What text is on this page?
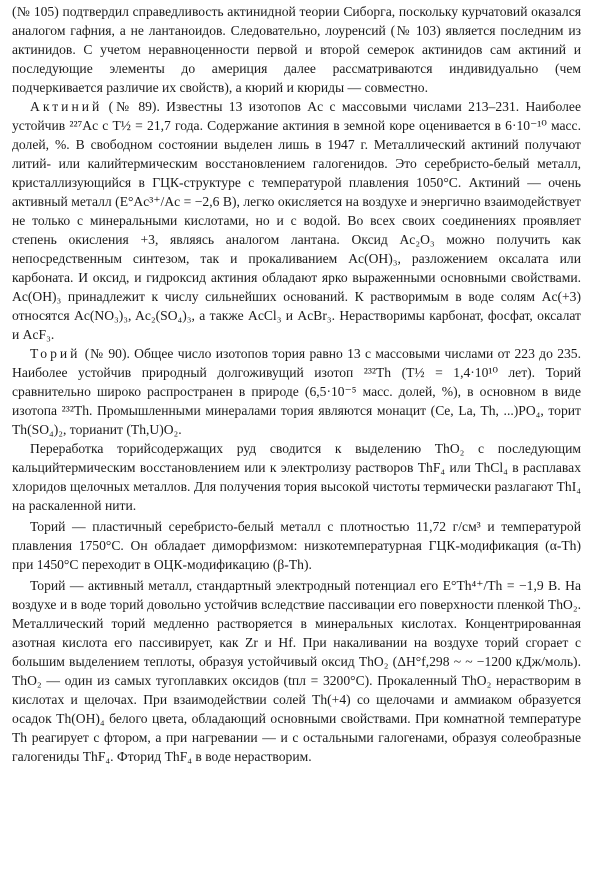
(№ 105) подтвердил справедливость актинидной теории Сиборга, поскольку курчатовий оказался аналогом гафния, а не лантаноидов. Следовательно, лоуренсий (№ 103) является последним из актинидов. С учетом неравноценности первой и второй семерок актинидов сам актиний и последующие элементы до америция далее рассматриваются индивидуально (чем подчеркивается различие их свойств), а кюрий и кюриды — совместно.

Актиний (№ 89). Известны 13 изотопов Ac с массовыми числами 213–231. Наиболее устойчив ²²⁷Ac с T½ = 21,7 года. Содержание актиния в земной коре оценивается в 6·10⁻¹⁰ масс. долей, %. В свободном состоянии выделен лишь в 1947 г. Металлический актиний получают литий- или калийтермическим восстановлением галогенидов. Это серебристо-белый металл, кристаллизующийся в ГЦК-структуре с температурой плавления 1050°C. Актиний — очень активный металл (E°Ac³⁺/Ac = −2,6 В), легко окисляется на воздухе и энергично взаимодействует не только с минеральными кислотами, но и с водой. Во всех своих соединениях проявляет степень окисления +3, являясь аналогом лантана. Оксид Ac₂O₃ можно получить как непосредственным синтезом, так и прокаливанием Ac(OH)₃, разложением оксалата или карбоната. И оксид, и гидроксид актиния обладают ярко выраженными основными свойствами. Ac(OH)₃ принадлежит к числу сильнейших оснований. К растворимым в воде солям Ac(+3) относятся Ac(NO₃)₃, Ac₂(SO₄)₃, а также AcCl₃ и AcBr₃. Нерастворимы карбонат, фосфат, оксалат и AcF₃.

Торий (№ 90). Общее число изотопов тория равно 13 с массовыми числами от 223 до 235. Наиболее устойчив природный долгоживущий изотоп ²³²Th (T½ = 1,4·10¹⁰ лет). Торий сравнительно широко распространен в природе (6,5·10⁻⁵ масс. долей, %), в основном в виде изотопа ²³²Th. Промышленными минералами тория являются монацит (Ce, La, Th, ...)PO₄, торит Th(SO₄)₂, торианит (Th,U)O₂.

Переработка торийсодержащих руд сводится к выделению ThO₂ с последующим кальцийтермическим восстановлением или к электролизу растворов ThF₄ или ThCl₄ в расплавах хлоридов щелочных металлов. Для получения тория высокой чистоты термически разлагают ThI₄ на раскаленной нити.

Торий — пластичный серебристо-белый металл с плотностью 11,72 г/см³ и температурой плавления 1750°C. Он обладает диморфизмом: низкотемпературная ГЦК-модификация (α-Th) при 1450°C переходит в ОЦК-модификацию (β-Th).

Торий — активный металл, стандартный электродный потенциал его E°Th⁴⁺/Th = −1,9 В. На воздухе и в воде торий довольно устойчив вследствие пассивации его поверхности пленкой ThO₂. Металлический торий медленно растворяется в минеральных кислотах. Концентрированная азотная кислота его пассивирует, как Zr и Hf. При накаливании на воздухе торий сгорает с большим выделением теплоты, образуя устойчивый оксид ThO₂ (ΔH°f,298 ~ ~ −1200 кДж/моль). ThO₂ — один из самых тугоплавких оксидов (tпл = 3200°C). Прокаленный ThO₂ нерастворим в кислотах и щелочах. При взаимодействии солей Th(+4) со щелочами и аммиаком образуется осадок Th(OH)₄ белого цвета, обладающий основными свойствами. При комнатной температуре Th реагирует с фтором, а при нагревании — и с остальными галогенами, образуя солеобразные галогениды ThF₄. Фторид ThF₄ в воде нерастворим.
